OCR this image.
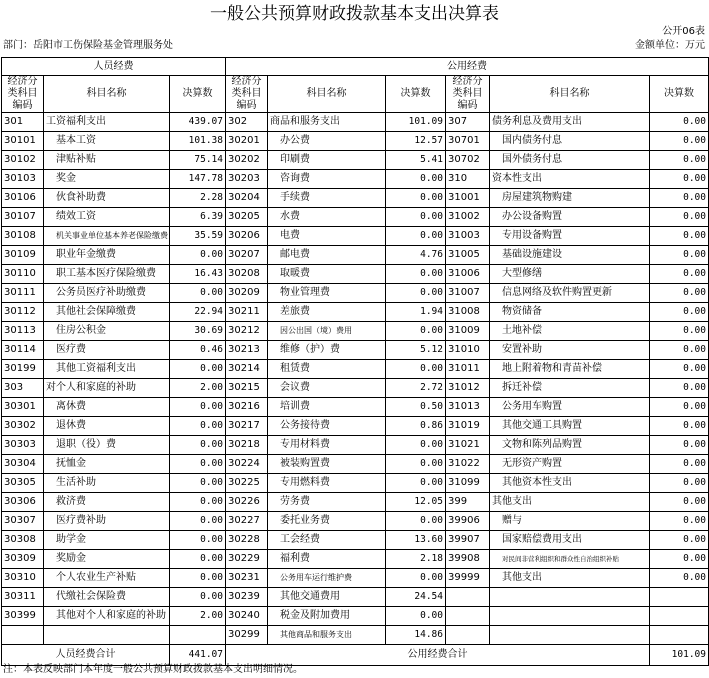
一般公共预算财政拨款基本支出决算表
公开06表
部门：岳阳市工伤保险基金管理服务处	金额单位：万元
人员经费			公用经费					
经济分类科目编码	科目名称	决算数	经济分类科目编码	科目名称	决算数	经济分类科目编码	科目名称	决算数
301	工资福利支出	439.07	302	商品和服务支出	101.09	307	债务利息及费用支出	0.00
30101	基本工资	101.38	30201	办公费	12.57	30701	国内债务付息	0.00
30102	津贴补贴	75.14	30202	印刷费	5.41	30702	国外债务付息	0.00
30103	奖金	147.78	30203	咨询费	0.00	310	资本性支出	0.00
30106	伙食补助费	2.28	30204	手续费	0.00	31001	房屋建筑物购建	0.00
30107	绩效工资	6.39	30205	水费	0.00	31002	办公设备购置	0.00
30108	机关事业单位基本养老保险缴费	35.59	30206	电费	0.00	31003	专用设备购置	0.00
30109	职业年金缴费	0.00	30207	邮电费	4.76	31005	基础设施建设	0.00
30110	职工基本医疗保险缴费	16.43	30208	取暖费	0.00	31006	大型修缮	0.00
30111	公务员医疗补助缴费	0.00	30209	物业管理费	0.00	31007	信息网络及软件购置更新	0.00
30112	其他社会保障缴费	22.94	30211	差旅费	1.94	31008	物资储备	0.00
30113	住房公积金	30.69	30212	因公出国（境）费用	0.00	31009	土地补偿	0.00
30114	医疗费	0.46	30213	维修（护）费	5.12	31010	安置补助	0.00
30199	其他工资福利支出	0.00	30214	租赁费	0.00	31011	地上附着物和青苗补偿	0.00
303	对个人和家庭的补助	2.00	30215	会议费	2.72	31012	拆迁补偿	0.00
30301	离休费	0.00	30216	培训费	0.50	31013	公务用车购置	0.00
30302	退休费	0.00	30217	公务接待费	0.86	31019	其他交通工具购置	0.00
30303	退职（役）费	0.00	30218	专用材料费	0.00	31021	文物和陈列品购置	0.00
30304	抚恤金	0.00	30224	被装购置费	0.00	31022	无形资产购置	0.00
30305	生活补助	0.00	30225	专用燃料费	0.00	31099	其他资本性支出	0.00
30306	救济费	0.00	30226	劳务费	12.05	399	其他支出	0.00
30307	医疗费补助	0.00	30227	委托业务费	0.00	39906	赠与	0.00
30308	助学金	0.00	30228	工会经费	13.60	39907	国家赔偿费用支出	0.00
30309	奖励金	0.00	30229	福利费	2.18	39908	对民间非营利组织和群众性自治组织补贴	0.00
30310	个人农业生产补贴	0.00	30231	公务用车运行维护费	0.00	39999	其他支出	0.00
30311	代缴社会保险费	0.00	30239	其他交通费用	24.54			
30399	其他对个人和家庭的补助	2.00	30240	税金及附加费用	0.00			
			30299	其他商品和服务支出	14.86			
人员经费合计		441.07	公用经费合计					101.09
注：本表反映部门本年度一般公共预算财政拨款基本支出明细情况。
